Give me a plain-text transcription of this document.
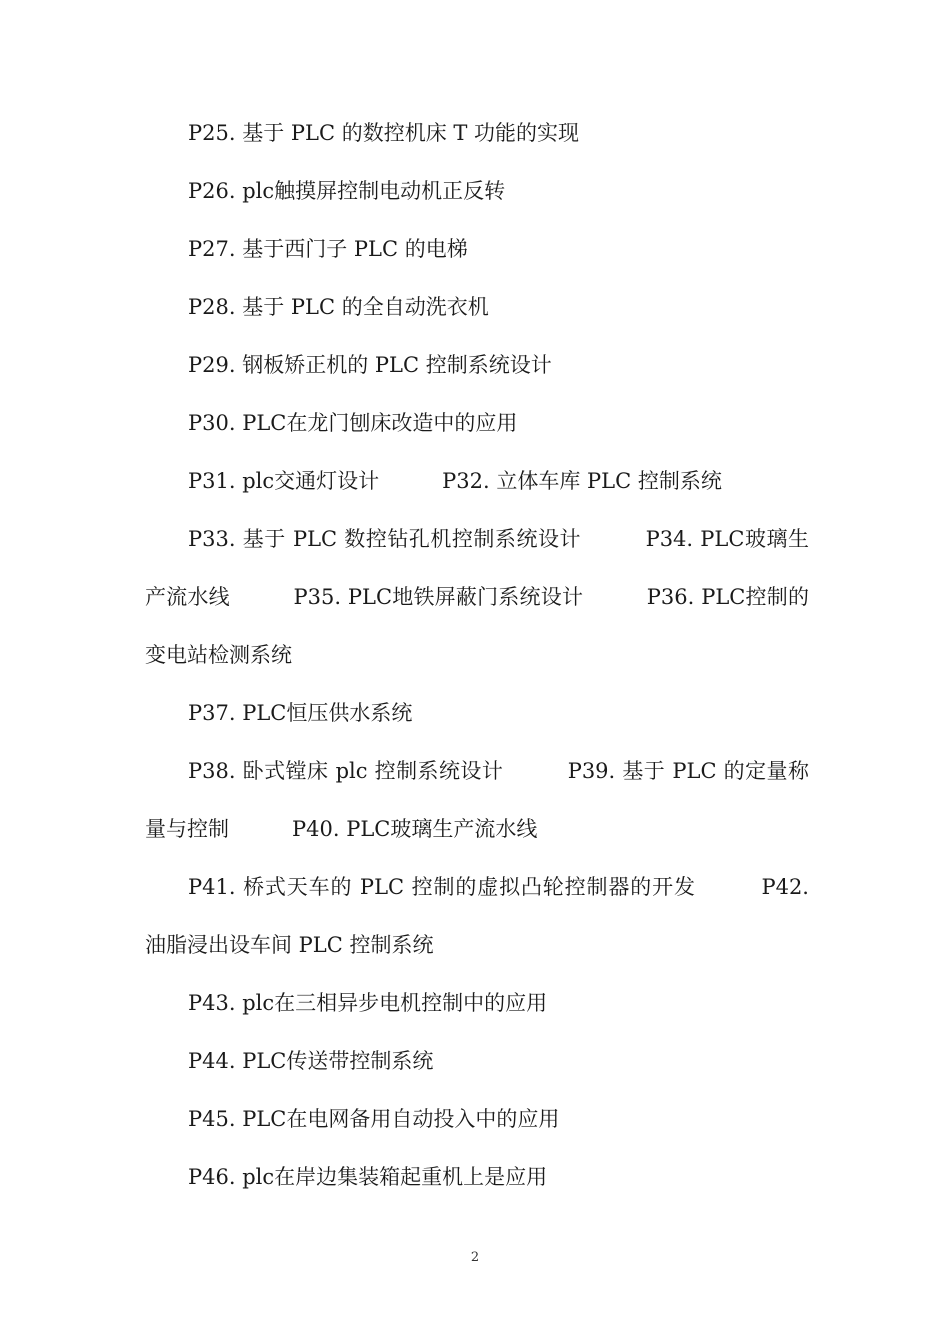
P25. 基于 PLC 的数控机床 T 功能的实现

P26. plc触摸屏控制电动机正反转

P27. 基于西门子 PLC 的电梯

P28. 基于 PLC 的全自动洗衣机

P29. 钢板矫正机的 PLC 控制系统设计

P30. PLC在龙门刨床改造中的应用

P31. plc交通灯设计　　　P32. 立体车库 PLC 控制系统

P33. 基于 PLC 数控钻孔机控制系统设计　　　P34. PLC玻璃生产流水线　　　P35. PLC地铁屏蔽门系统设计　　　P36. PLC控制的变电站检测系统

P37. PLC恒压供水系统

P38. 卧式镗床 plc 控制系统设计　　　P39. 基于 PLC 的定量称量与控制　　　P40. PLC玻璃生产流水线

P41. 桥式天车的 PLC 控制的虚拟凸轮控制器的开发　　　P42. 油脂浸出设车间 PLC 控制系统

P43. plc在三相异步电机控制中的应用

P44. PLC传送带控制系统

P45. PLC在电网备用自动投入中的应用

P46. plc在岸边集装箱起重机上是应用

2
